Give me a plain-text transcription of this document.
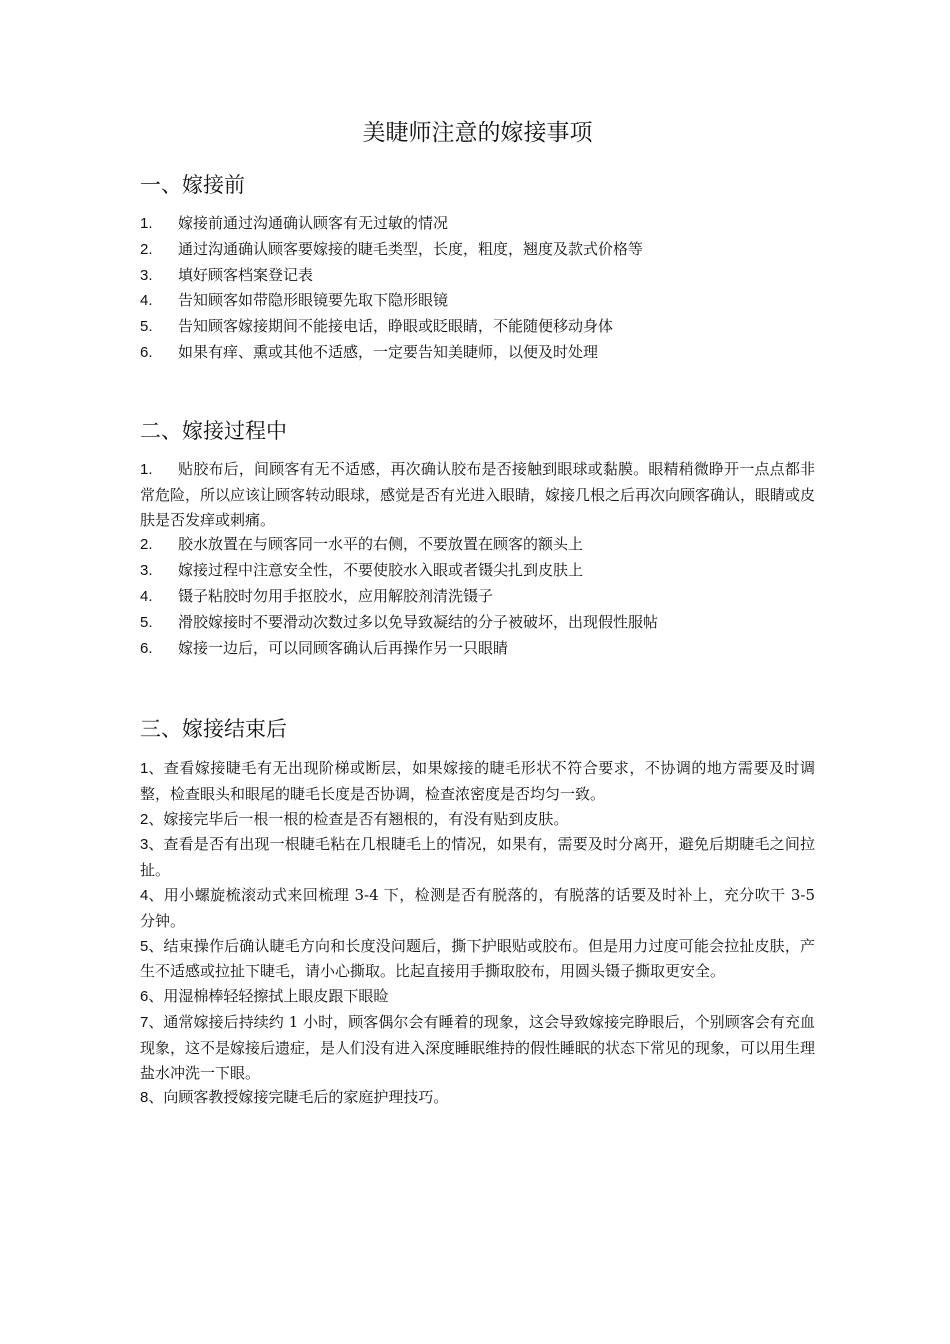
美睫师注意的嫁接事项
一、嫁接前
1. 嫁接前通过沟通确认顾客有无过敏的情况
2. 通过沟通确认顾客要嫁接的睫毛类型，长度，粗度，翘度及款式价格等
3. 填好顾客档案登记表
4. 告知顾客如带隐形眼镜要先取下隐形眼镜
5. 告知顾客嫁接期间不能接电话，睁眼或眨眼睛，不能随便移动身体
6. 如果有痒、熏或其他不适感，一定要告知美睫师，以便及时处理
二、嫁接过程中
1. 贴胶布后，间顾客有无不适感，再次确认胶布是否接触到眼球或黏膜。眼精稍微睁开一点点都非常危险，所以应该让顾客转动眼球，感觉是否有光进入眼睛，嫁接几根之后再次向顾客确认，眼睛或皮肤是否发痒或刺痛。
2. 胶水放置在与顾客同一水平的右侧，不要放置在顾客的额头上
3. 嫁接过程中注意安全性，不要使胶水入眼或者镊尖扎到皮肤上
4. 镊子粘胶时勿用手抠胶水，应用解胶剂清洗镊子
5. 滑胶嫁接时不要滑动次数过多以免导致凝结的分子被破坏，出现假性服帖
6. 嫁接一边后，可以同顾客确认后再操作另一只眼睛
三、嫁接结束后
1、查看嫁接睫毛有无出现阶梯或断层，如果嫁接的睫毛形状不符合要求，不协调的地方需要及时调整，检查眼头和眼尾的睫毛长度是否协调，检查浓密度是否均匀一致。
2、嫁接完毕后一根一根的检查是否有翘根的，有没有贴到皮肤。
3、查看是否有出现一根睫毛粘在几根睫毛上的情况，如果有，需要及时分离开，避免后期睫毛之间拉扯。
4、用小螺旋梳滚动式来回梳理 3-4 下，检测是否有脱落的，有脱落的话要及时补上，充分吹干 3-5 分钟。
5、结束操作后确认睫毛方向和长度没问题后，撕下护眼贴或胶布。但是用力过度可能会拉扯皮肤，产生不适感或拉扯下睫毛，请小心撕取。比起直接用手撕取胶布，用圆头镊子撕取更安全。
6、用湿棉棒轻轻擦拭上眼皮跟下眼睑
7、通常嫁接后持续约 1 小时，顾客偶尔会有睡着的现象，这会导致嫁接完睁眼后，个别顾客会有充血现象，这不是嫁接后遗症，是人们没有进入深度睡眠维持的假性睡眠的状态下常见的现象，可以用生理盐水冲洗一下眼。
8、向顾客教授嫁接完睫毛后的家庭护理技巧。
